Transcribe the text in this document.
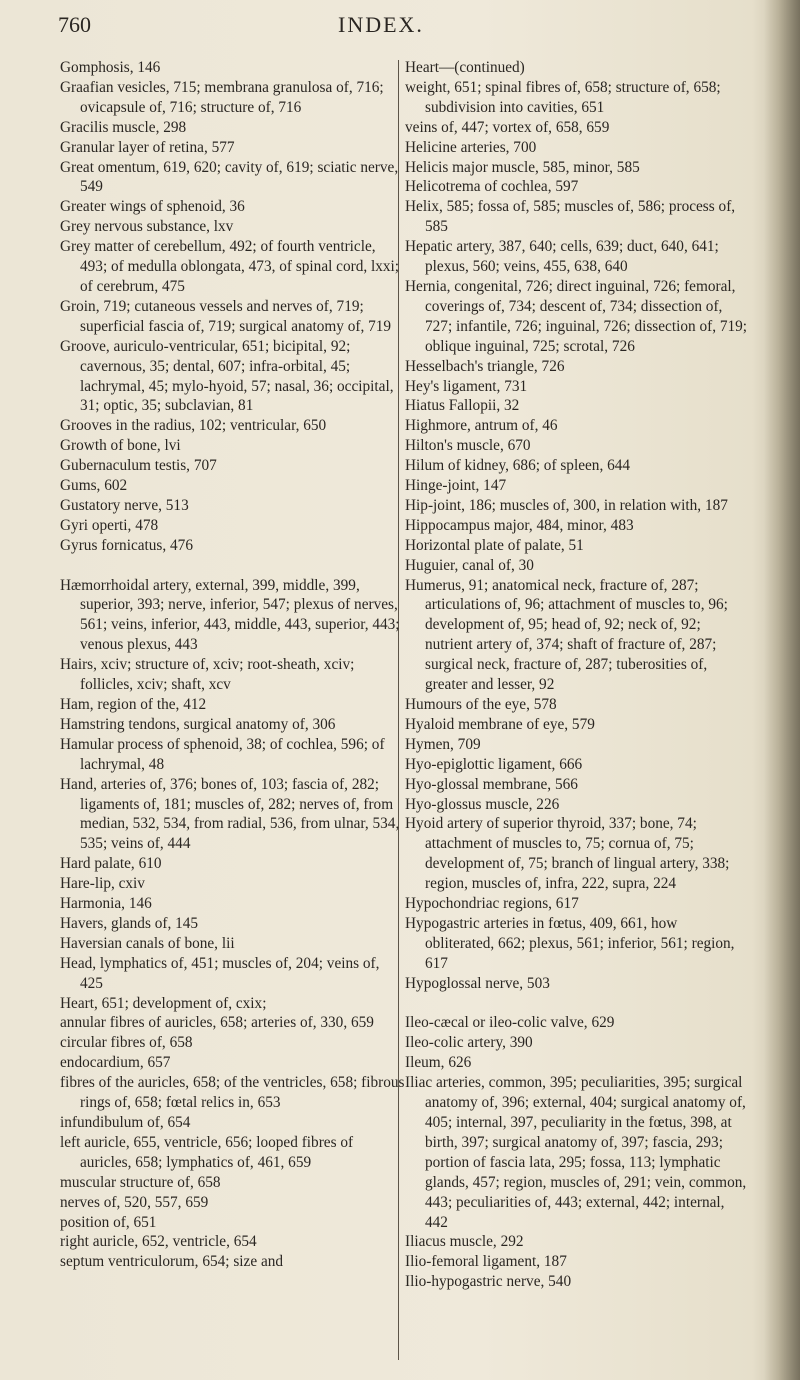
760	INDEX.
Gomphosis, 146
Graafian vesicles, 715; membrana granulosa of, 716; ovicapsule of, 716; structure of, 716
Gracilis muscle, 298
Granular layer of retina, 577
Great omentum, 619, 620; cavity of, 619; sciatic nerve, 549
Greater wings of sphenoid, 36
Grey nervous substance, lxv
Grey matter of cerebellum, 492; of fourth ventricle, 493; of medulla oblongata, 473, of spinal cord, lxxi; of cerebrum, 475
Groin, 719; cutaneous vessels and nerves of, 719; superficial fascia of, 719; surgical anatomy of, 719
Groove, auriculo-ventricular, 651; bicipital, 92; cavernous, 35; dental, 607; infra-orbital, 45; lachrymal, 45; mylo-hyoid, 57; nasal, 36; occipital, 31; optic, 35; subclavian, 81
Grooves in the radius, 102; ventricular, 650
Growth of bone, lvi
Gubernaculum testis, 707
Gums, 602
Gustatory nerve, 513
Gyri operti, 478
Gyrus fornicatus, 476
Hæmorrhoidal artery, external, 399, middle, 399, superior, 393; nerve, inferior, 547; plexus of nerves, 561; veins, inferior, 443, middle, 443, superior, 443; venous plexus, 443
Hairs, xciv; structure of, xciv; root-sheath, xciv; follicles, xciv; shaft, xcv
Ham, region of the, 412
Hamstring tendons, surgical anatomy of, 306
Hamular process of sphenoid, 38; of cochlea, 596; of lachrymal, 48
Hand, arteries of, 376; bones of, 103; fascia of, 282; ligaments of, 181; muscles of, 282; nerves of, from median, 532, 534, from radial, 536, from ulnar, 534, 535; veins of, 444
Hard palate, 610
Hare-lip, cxiv
Harmonia, 146
Havers, glands of, 145
Haversian canals of bone, lii
Head, lymphatics of, 451; muscles of, 204; veins of, 425
Heart, 651; development of, cxix;
annular fibres of auricles, 658; arteries of, 330, 659
circular fibres of, 658
endocardium, 657
fibres of the auricles, 658; of the ventricles, 658; fibrous rings of, 658; fœtal relics in, 653
infundibulum of, 654
left auricle, 655, ventricle, 656; looped fibres of auricles, 658; lymphatics of, 461, 659
muscular structure of, 658
nerves of, 520, 557, 659
position of, 651
right auricle, 652, ventricle, 654
septum ventriculorum, 654; size and
Heart—(continued)
weight, 651; spinal fibres of, 658; structure of, 658; subdivision into cavities, 651
veins of, 447; vortex of, 658, 659
Helicine arteries, 700
Helicis major muscle, 585, minor, 585
Helicotrema of cochlea, 597
Helix, 585; fossa of, 585; muscles of, 586; process of, 585
Hepatic artery, 387, 640; cells, 639; duct, 640, 641; plexus, 560; veins, 455, 638, 640
Hernia, congenital, 726; direct inguinal, 726; femoral, coverings of, 734; descent of, 734; dissection of, 727; infantile, 726; inguinal, 726; dissection of, 719; oblique inguinal, 725; scrotal, 726
Hesselbach's triangle, 726
Hey's ligament, 731
Hiatus Fallopii, 32
Highmore, antrum of, 46
Hilton's muscle, 670
Hilum of kidney, 686; of spleen, 644
Hinge-joint, 147
Hip-joint, 186; muscles of, 300, in relation with, 187
Hippocampus major, 484, minor, 483
Horizontal plate of palate, 51
Huguier, canal of, 30
Humerus, 91; anatomical neck, fracture of, 287; articulations of, 96; attachment of muscles to, 96; development of, 95; head of, 92; neck of, 92; nutrient artery of, 374; shaft of fracture of, 287; surgical neck, fracture of, 287; tuberosities of, greater and lesser, 92
Humours of the eye, 578
Hyaloid membrane of eye, 579
Hymen, 709
Hyo-epiglottic ligament, 666
Hyo-glossal membrane, 566
Hyo-glossus muscle, 226
Hyoid artery of superior thyroid, 337; bone, 74; attachment of muscles to, 75; cornua of, 75; development of, 75; branch of lingual artery, 338; region, muscles of, infra, 222, supra, 224
Hypochondriac regions, 617
Hypogastric arteries in fœtus, 409, 661, how obliterated, 662; plexus, 561; inferior, 561; region, 617
Hypoglossal nerve, 503
Ileo-cæcal or ileo-colic valve, 629
Ileo-colic artery, 390
Ileum, 626
Iliac arteries, common, 395; peculiarities, 395; surgical anatomy of, 396; external, 404; surgical anatomy of, 405; internal, 397, peculiarity in the fœtus, 398, at birth, 397; surgical anatomy of, 397; fascia, 293; portion of fascia lata, 295; fossa, 113; lymphatic glands, 457; region, muscles of, 291; vein, common, 443; peculiarities of, 443; external, 442; internal, 442
Iliacus muscle, 292
Ilio-femoral ligament, 187
Ilio-hypogastric nerve, 540
